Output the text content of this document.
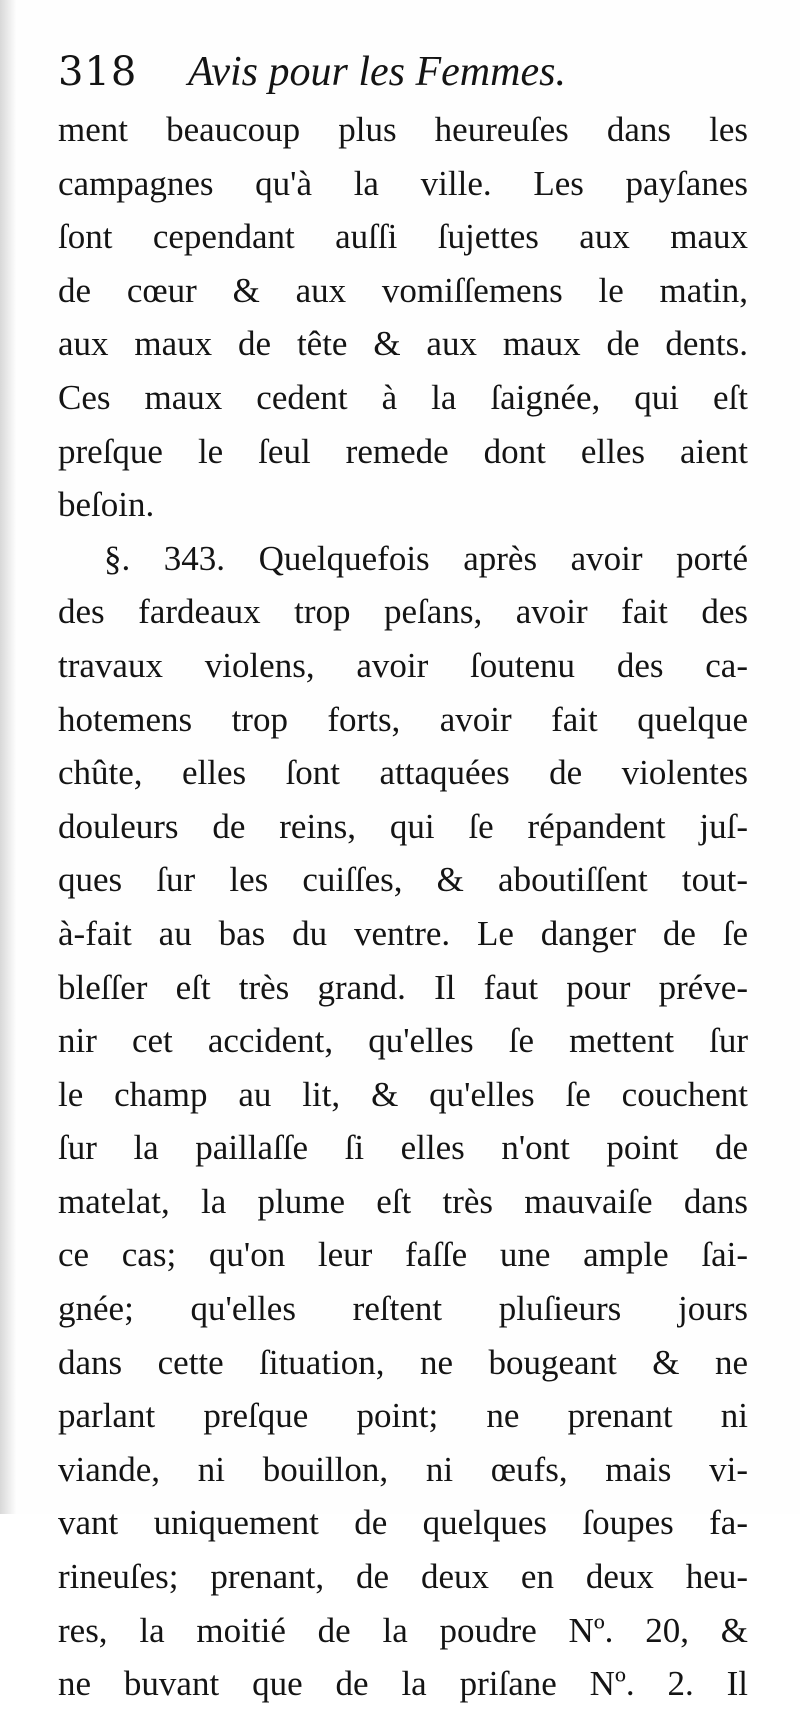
318 Avis pour les Femmes.
ment beaucoup plus heureuſes dans les
campagnes qu'à la ville. Les payſanes
ſont cependant auſſi ſujettes aux maux
de cœur & aux vomiſſemens le matin,
aux maux de tête & aux maux de dents.
Ces maux cedent à la ſaignée, qui eſt
preſque le ſeul remede dont elles aient
beſoin.
§. 343. Quelquefois après avoir porté
des fardeaux trop peſans, avoir fait des
travaux violens, avoir ſoutenu des ca-
hotemens trop forts, avoir fait quelque
chûte, elles ſont attaquées de violentes
douleurs de reins, qui ſe répandent juſ-
ques ſur les cuiſſes, & aboutiſſent tout-
à-fait au bas du ventre. Le danger de ſe
bleſſer eſt très grand. Il faut pour préve-
nir cet accident, qu'elles ſe mettent ſur
le champ au lit, & qu'elles ſe couchent
ſur la paillaſſe ſi elles n'ont point de
matelat, la plume eſt très mauvaiſe dans
ce cas; qu'on leur faſſe une ample ſai-
gnée; qu'elles reſtent pluſieurs jours
dans cette ſituation, ne bougeant & ne
parlant preſque point; ne prenant ni
viande, ni bouillon, ni œufs, mais vi-
vant uniquement de quelques ſoupes fa-
rineuſes; prenant, de deux en deux heu-
res, la moitié de la poudre Nº. 20, &
ne buvant que de la priſane Nº. 2. Il
